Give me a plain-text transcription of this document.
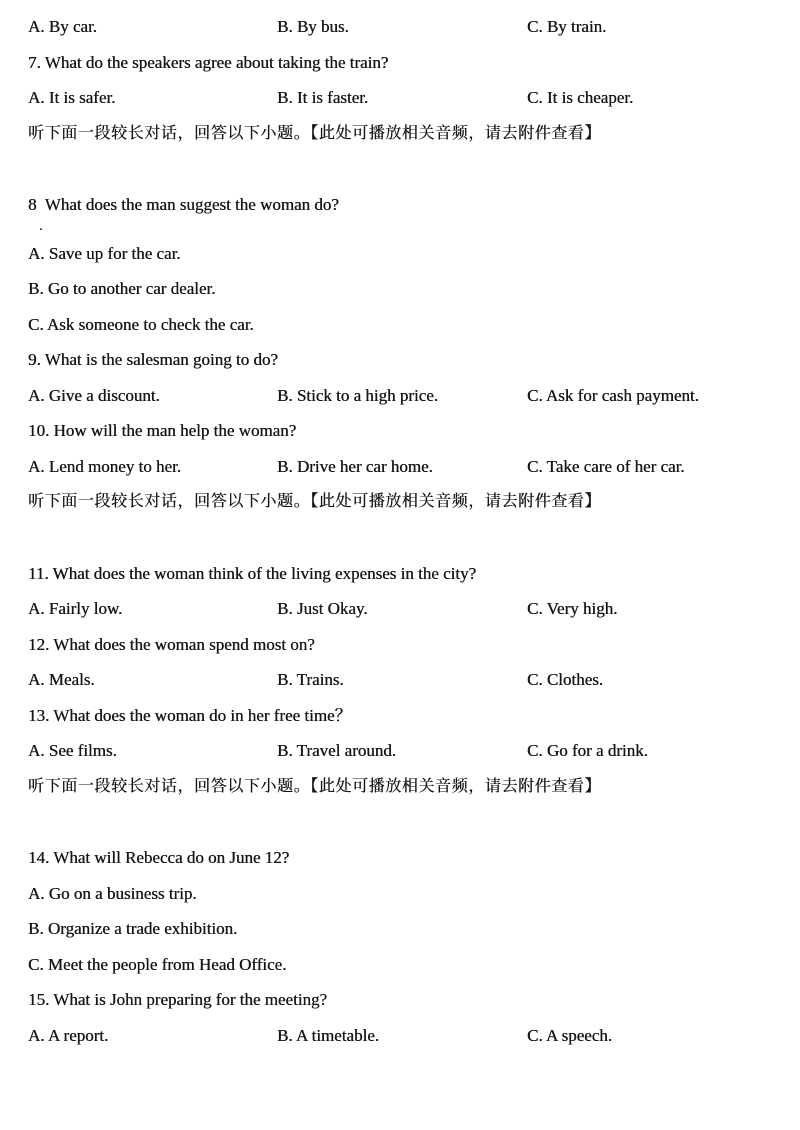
A. By car.

	B. By bus.

	C. By train.

7. What do the speakers agree about taking the train?

A. It is safer.

	B. It is faster.

	C. It is cheaper.

听下面一段较长对话，回答以下小题。【此处可播放相关音频，请去附件查看】
8  What does the man suggest the woman do?
.
A. Save up for the car.
B. Go to another car dealer.
C. Ask someone to check the car.
9. What is the salesman going to do?

A. Give a discount.

	B. Stick to a high price.

	C. Ask for cash payment.

10. How will the man help the woman?

A. Lend money to her.

	B. Drive her car home.

	C. Take care of her car.

听下面一段较长对话，回答以下小题。【此处可播放相关音频，请去附件查看】
11. What does the woman think of the living expenses in the city?

A. Fairly low.

	B. Just Okay.

	C. Very high.

12. What does the woman spend most on?

A. Meals.

	B. Trains.

	C. Clothes.

13. What does the woman do in her free time？

A. See films.

	B. Travel around.

	C. Go for a drink.

听下面一段较长对话，回答以下小题。【此处可播放相关音频，请去附件查看】
14. What will Rebecca do on June 12?
A. Go on a business trip.
B. Organize a trade exhibition.
C. Meet the people from Head Office.
15. What is John preparing for the meeting?

A. A report.

	B. A timetable.

	C. A speech.
